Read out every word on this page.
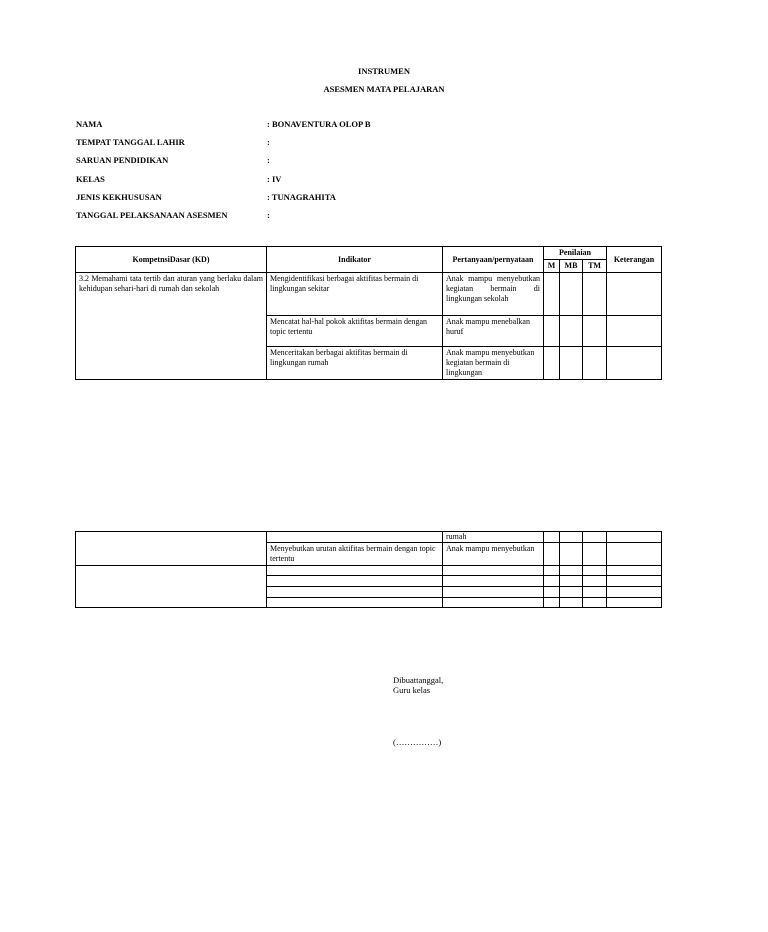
INSTRUMEN
ASESMEN MATA PELAJARAN
NAMA	: BONAVENTURA OLOP B
TEMPAT TANGGAL LAHIR	:
SARUAN PENDIDIKAN	:
KELAS	: IV
JENIS KEKHUSUSAN	: TUNAGRAHITA
TANGGAL PELAKSANAAN ASESMEN	:
KompetnsiDasar (KD)	Indikator	Pertanyaan/pernyataan	Penilaian			Keterangan
			M	MB	TM	
3.2 Memahami tata tertib dan aturan yang berlaku dalam kehidupan sehari-hari di rumah dan sekolah	Mengidentifikasi berbagai aktifitas bermain di lingkungan sekitar	Anak mampu menyebutkan kegiatan bermain di lingkungan sekolah				
	Mencatat hal-hal pokok aktifitas bermain dengan topic tertentu	Anak mampu menebalkan huruf				
	Menceritakan berbagai aktifitas bermain di lingkungan rumah	Anak mampu menyebutkan kegiatan bermain di lingkungan				
		rumah				
	Menyebutkan urutan aktifitas bermain dengan topic tertentu	Anak mampu menyebutkan				

Dibuattanggal,
Guru kelas
(……………)
